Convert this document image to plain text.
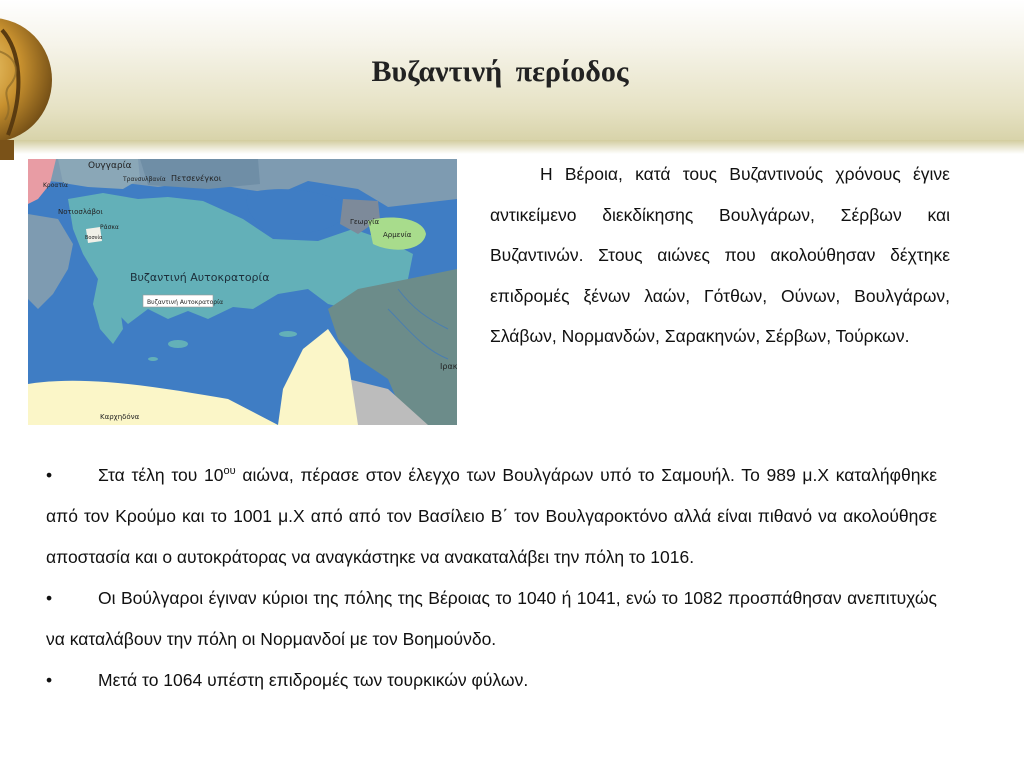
Βυζαντινή περίοδος
Ουγγαρία
Τρανσυλβανία Πετσενέγκοι
Κροατία
Νοτιοσλάβοι
Ράσκα
Βοσνία
Γεωργία
Αρμενία
Βυζαντινή Αυτοκρατορία
Βυζαντινή Αυτοκρατορία
Ιρακ
Καρχηδόνα

Η Βέροια, κατά τους Βυζαντινούς χρόνους έγινε αντικείμενο διεκδίκησης Βουλγάρων, Σέρβων και Βυζαντινών. Στους αιώνες που ακολούθησαν δέχτηκε επιδρομές ξένων λαών, Γότθων, Ούνων, Βουλγάρων, Σλάβων, Νορμανδών, Σαρακηνών, Σέρβων, Τούρκων.

•	Στα τέλη του $10^{o\upsilon}$ αιώνα, πέρασε στον έλεγχο των Βουλγάρων υπό το Σαμουήλ. Το 989 μ.Χ καταλήφθηκε από τον Κρούμο και το 1001 μ.Χ από από τον Βασίλειο Β΄ τον Βουλγαροκτόνο αλλά είναι πιθανό να ακολούθησε αποστασία και ο αυτοκράτορας να αναγκάστηκε να ανακαταλάβει την πόλη το 1016.
•	Οι Βούλγαροι έγιναν κύριοι της πόλης της Βέροιας το 1040 ή 1041, ενώ το 1082 προσπάθησαν ανεπιτυχώς να καταλάβουν την πόλη οι Νορμανδοί με τον Βοημούνδο.
•	Μετά το 1064 υπέστη επιδρομές των τουρκικών φύλων.
